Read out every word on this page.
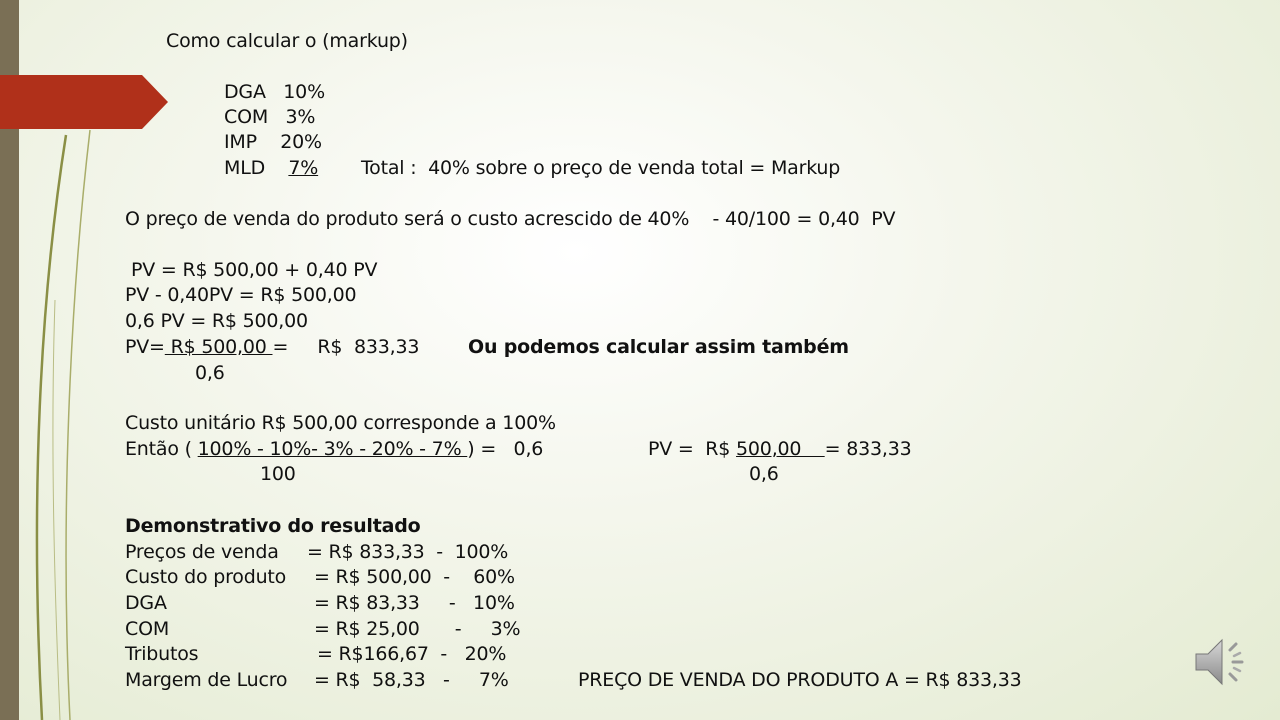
Como calcular o (markup)
DGA 10%
COM 3%
IMP 20%
MLD 7% Total :  40% sobre o preço de venda total = Markup
O preço de venda do produto será o custo acrescido de 40%    - 40/100 = 0,40  PV
PV = R$ 500,00 + 0,40 PV
PV - 0,40PV = R$ 500,00
0,6 PV = R$ 500,00
PV= R$ 500,00 =     R$  833,33	Ou podemos calcular assim também
0,6
Custo unitário R$ 500,00 corresponde a 100%
Então ( 100% - 10%- 3% - 20% - 7% ) =   0,6
100
PV =  R$ 500,00    = 833,33
0,6
Demonstrativo do resultado
Preços de venda = R$ 833,33  -  100%
Custo do produto = R$ 500,00  -    60%
DGA	= R$ 83,33     -   10%
COM	= R$ 25,00      -     3%
Tributos	= R$166,67  -   20%
Margem de Lucro = R$  58,33   -     7%	PREÇO DE VENDA DO PRODUTO A = R$ 833,33
